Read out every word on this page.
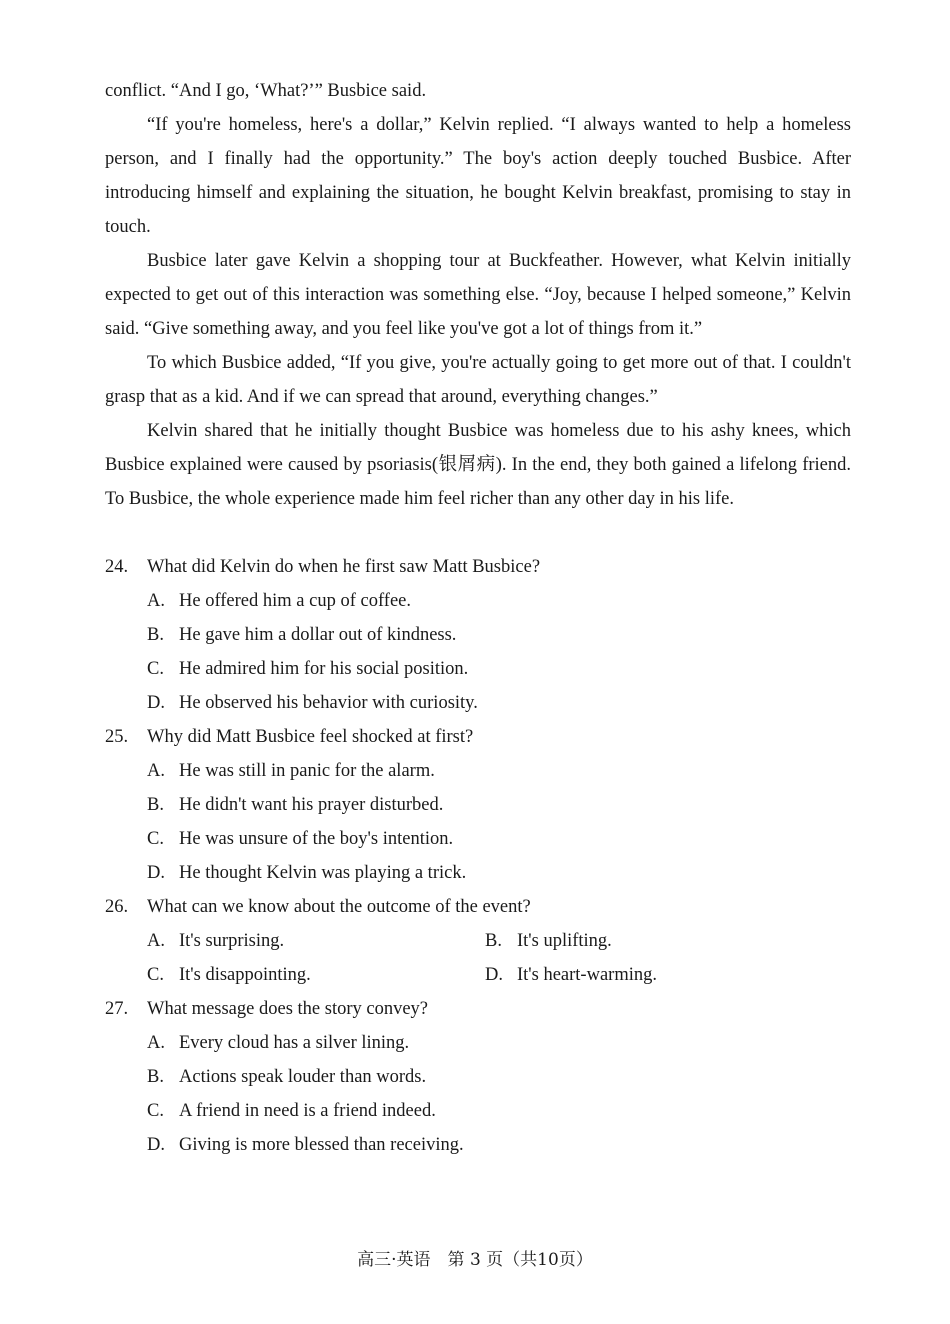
conflict. “And I go, ‘What?’” Busbice said.

“If you're homeless, here's a dollar,” Kelvin replied. “I always wanted to help a homeless person, and I finally had the opportunity.” The boy's action deeply touched Busbice. After introducing himself and explaining the situation, he bought Kelvin breakfast, promising to stay in touch.

Busbice later gave Kelvin a shopping tour at Buckfeather. However, what Kelvin initially expected to get out of this interaction was something else. “Joy, because I helped someone,” Kelvin said. “Give something away, and you feel like you've got a lot of things from it.”

To which Busbice added, “If you give, you're actually going to get more out of that. I couldn't grasp that as a kid. And if we can spread that around, everything changes.”

Kelvin shared that he initially thought Busbice was homeless due to his ashy knees, which Busbice explained were caused by psoriasis(银屑病). In the end, they both gained a lifelong friend. To Busbice, the whole experience made him feel richer than any other day in his life.

24.	What did Kelvin do when he first saw Matt Busbice?
A. He offered him a cup of coffee.
B. He gave him a dollar out of kindness.
C. He admired him for his social position.
D. He observed his behavior with curiosity.
25.	Why did Matt Busbice feel shocked at first?
A. He was still in panic for the alarm.
B. He didn't want his prayer disturbed.
C. He was unsure of the boy's intention.
D. He thought Kelvin was playing a trick.
26.	What can we know about the outcome of the event?
A. It's surprising.	B. It's uplifting.
C. It's disappointing.	D. It's heart-warming.
27.	What message does the story convey?
A. Every cloud has a silver lining.
B. Actions speak louder than words.
C. A friend in need is a friend indeed.
D. Giving is more blessed than receiving.
高三·英语　第 3 页（共10页）
